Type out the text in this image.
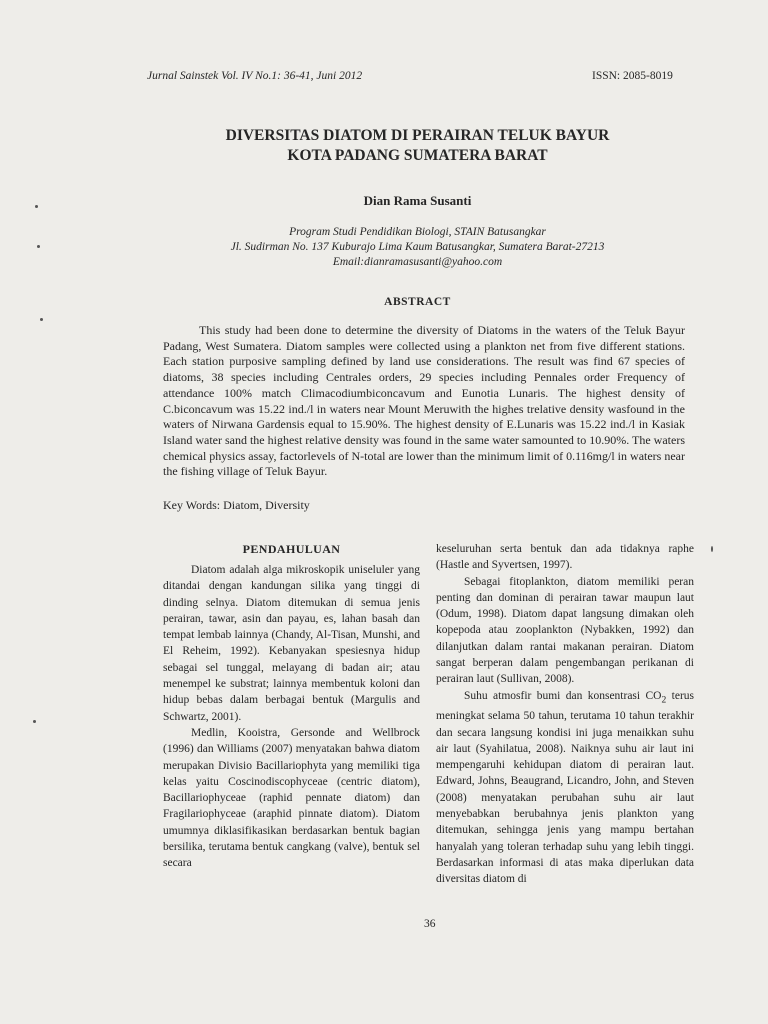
Jurnal Sainstek Vol. IV No.1: 36-41, Juni 2012	ISSN: 2085-8019
DIVERSITAS DIATOM DI PERAIRAN TELUK BAYUR
KOTA PADANG SUMATERA BARAT
Dian Rama Susanti
Program Studi Pendidikan Biologi, STAIN Batusangkar
Jl. Sudirman No. 137 Kuburajo Lima Kaum Batusangkar, Sumatera Barat-27213
Email:dianramasusanti@yahoo.com
ABSTRACT

This study had been done to determine the diversity of Diatoms in the waters of the Teluk Bayur Padang, West Sumatera. Diatom samples were collected using a plankton net from five different stations. Each station purposive sampling defined by land use considerations. The result was find 67 species of diatoms, 38 species including Centrales orders, 29 species including Pennales order Frequency of attendance 100% match Climacodiumbiconcavum and Eunotia Lunaris. The highest density of C.biconcavum was 15.22 ind./l in waters near Mount Meruwith the highes trelative density wasfound in the waters of Nirwana Gardensis equal to 15.90%. The highest density of E.Lunaris was 15.22 ind./l in Kasiak Island water sand the highest relative density was found in the same water samounted to 10.90%. The waters chemical physics assay, factorlevels of N-total are lower than the minimum limit of 0.116mg/l in waters near the fishing village of Teluk Bayur.

Key Words: Diatom, Diversity
PENDAHULUAN

Diatom adalah alga mikroskopik uniseluler yang ditandai dengan kandungan silika yang tinggi di dinding selnya. Diatom ditemukan di semua jenis perairan, tawar, asin dan payau, es, lahan basah dan tempat lembab lainnya (Chandy, Al-Tisan, Munshi, and El Reheim, 1992). Kebanyakan spesiesnya hidup sebagai sel tunggal, melayang di badan air; atau menempel ke substrat; lainnya membentuk koloni dan hidup bebas dalam berbagai bentuk (Margulis and Schwartz, 2001).

Medlin, Kooistra, Gersonde and Wellbrock (1996) dan Williams (2007) menyatakan bahwa diatom merupakan Divisio Bacillariophyta yang memiliki tiga kelas yaitu Coscinodiscophyceae (centric diatom), Bacillariophyceae (raphid pennate diatom) dan Fragilariophyceae (araphid pinnate diatom). Diatom umumnya diklasifikasikan berdasarkan bentuk bagian bersilika, terutama bentuk cangkang (valve), bentuk sel secara

keseluruhan serta bentuk dan ada tidaknya raphe (Hastle and Syvertsen, 1997).

Sebagai fitoplankton, diatom memiliki peran penting dan dominan di perairan tawar maupun laut (Odum, 1998). Diatom dapat langsung dimakan oleh kopepoda atau zooplankton (Nybakken, 1992) dan dilanjutkan dalam rantai makanan perairan. Diatom sangat berperan dalam pengembangan perikanan di perairan laut (Sullivan, 2008).

Suhu atmosfir bumi dan konsentrasi $CO_2$ terus meningkat selama 50 tahun, terutama 10 tahun terakhir dan secara langsung kondisi ini juga menaikkan suhu air laut (Syahilatua, 2008). Naiknya suhu air laut ini mempengaruhi kehidupan diatom di perairan laut. Edward, Johns, Beaugrand, Licandro, John, and Steven (2008) menyatakan perubahan suhu air laut menyebabkan berubahnya jenis plankton yang ditemukan, sehingga jenis yang mampu bertahan hanyalah yang toleran terhadap suhu yang lebih tinggi. Berdasarkan informasi di atas maka diperlukan data diversitas diatom di

36
